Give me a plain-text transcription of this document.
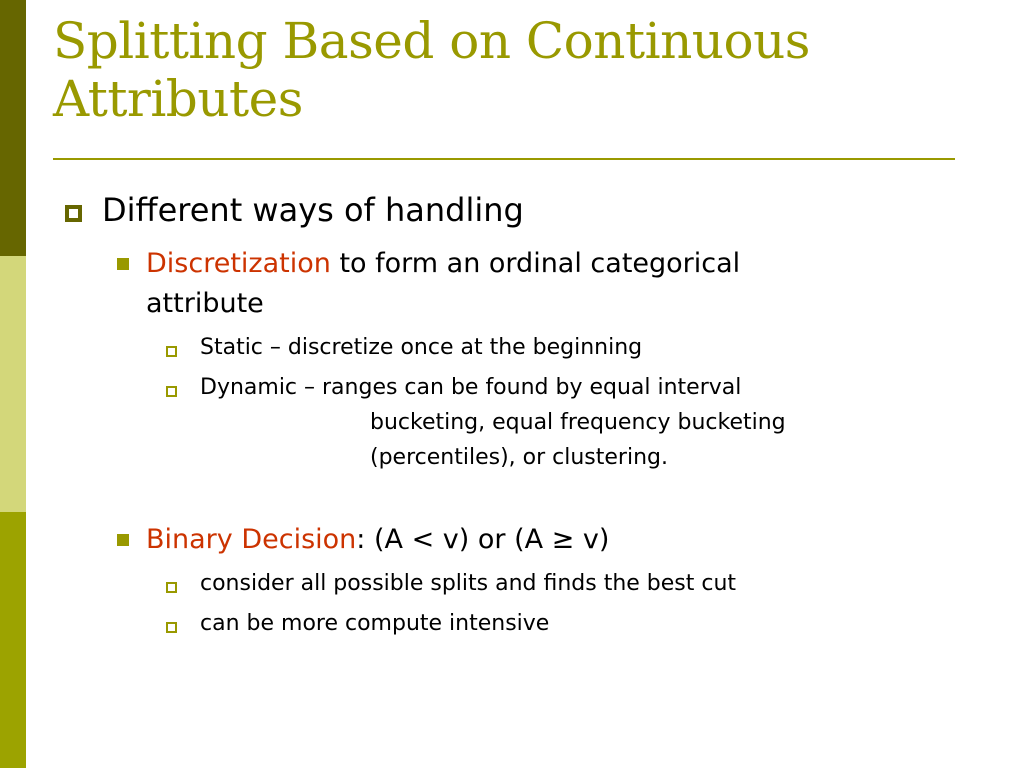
Splitting Based on Continuous
Attributes

Different ways of handling

Discretization to form an ordinal categorical

attribute

Static – discretize once at the beginning

Dynamic – ranges can be found by equal interval

bucketing, equal frequency bucketing

(percentiles), or clustering.

Binary Decision: (A < v) or (A ≥ v)

consider all possible splits and finds the best cut

can be more compute intensive
